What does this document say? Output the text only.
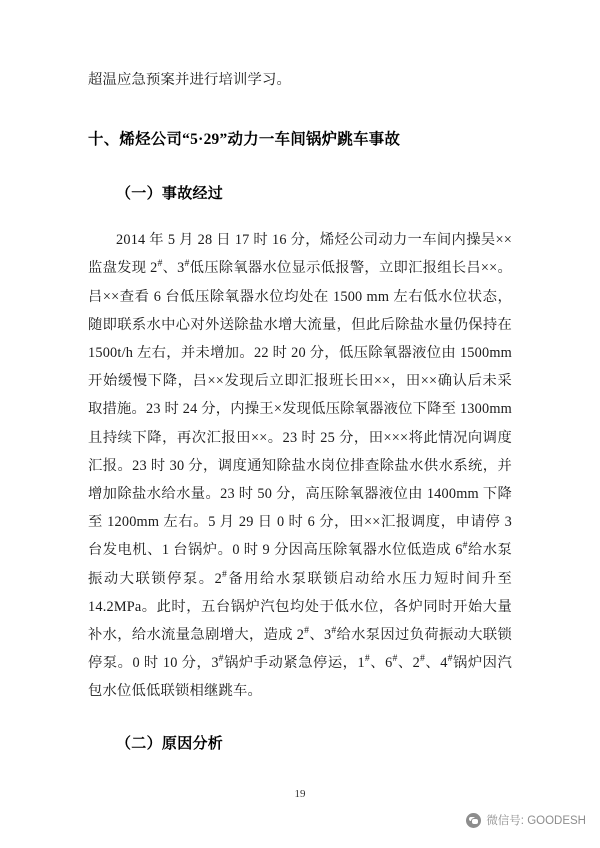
超温应急预案并进行培训学习。

十、烯烃公司“5·29”动力一车间锅炉跳车事故
（一）事故经过

2014 年 5 月 28 日 17 时 16 分，烯烃公司动力一车间内操吴××监盘发现 2#、3#低压除氧器水位显示低报警，立即汇报组长吕××。吕××查看 6 台低压除氧器水位均处在 1500 mm 左右低水位状态，随即联系水中心对外送除盐水增大流量，但此后除盐水量仍保持在 1500t/h 左右，并未增加。22 时 20 分，低压除氧器液位由 1500mm 开始缓慢下降，吕××发现后立即汇报班长田××，田××确认后未采取措施。23 时 24 分，内操王×发现低压除氧器液位下降至 1300mm 且持续下降，再次汇报田××。23 时 25 分，田×××将此情况向调度汇报。23 时 30 分，调度通知除盐水岗位排查除盐水供水系统，并增加除盐水给水量。23 时 50 分，高压除氧器液位由 1400mm 下降至 1200mm 左右。5 月 29 日 0 时 6 分，田××汇报调度，申请停 3 台发电机、1 台锅炉。0 时 9 分因高压除氧器水位低造成 6#给水泵振动大联锁停泵。2#备用给水泵联锁启动给水压力短时间升至 14.2MPa。此时，五台锅炉汽包均处于低水位，各炉同时开始大量补水，给水流量急剧增大，造成 2#、3#给水泵因过负荷振动大联锁停泵。0 时 10 分，3#锅炉手动紧急停运，1#、6#、2#、4#锅炉因汽包水位低低联锁相继跳车。

（二）原因分析
19
微信号: GOODESH
